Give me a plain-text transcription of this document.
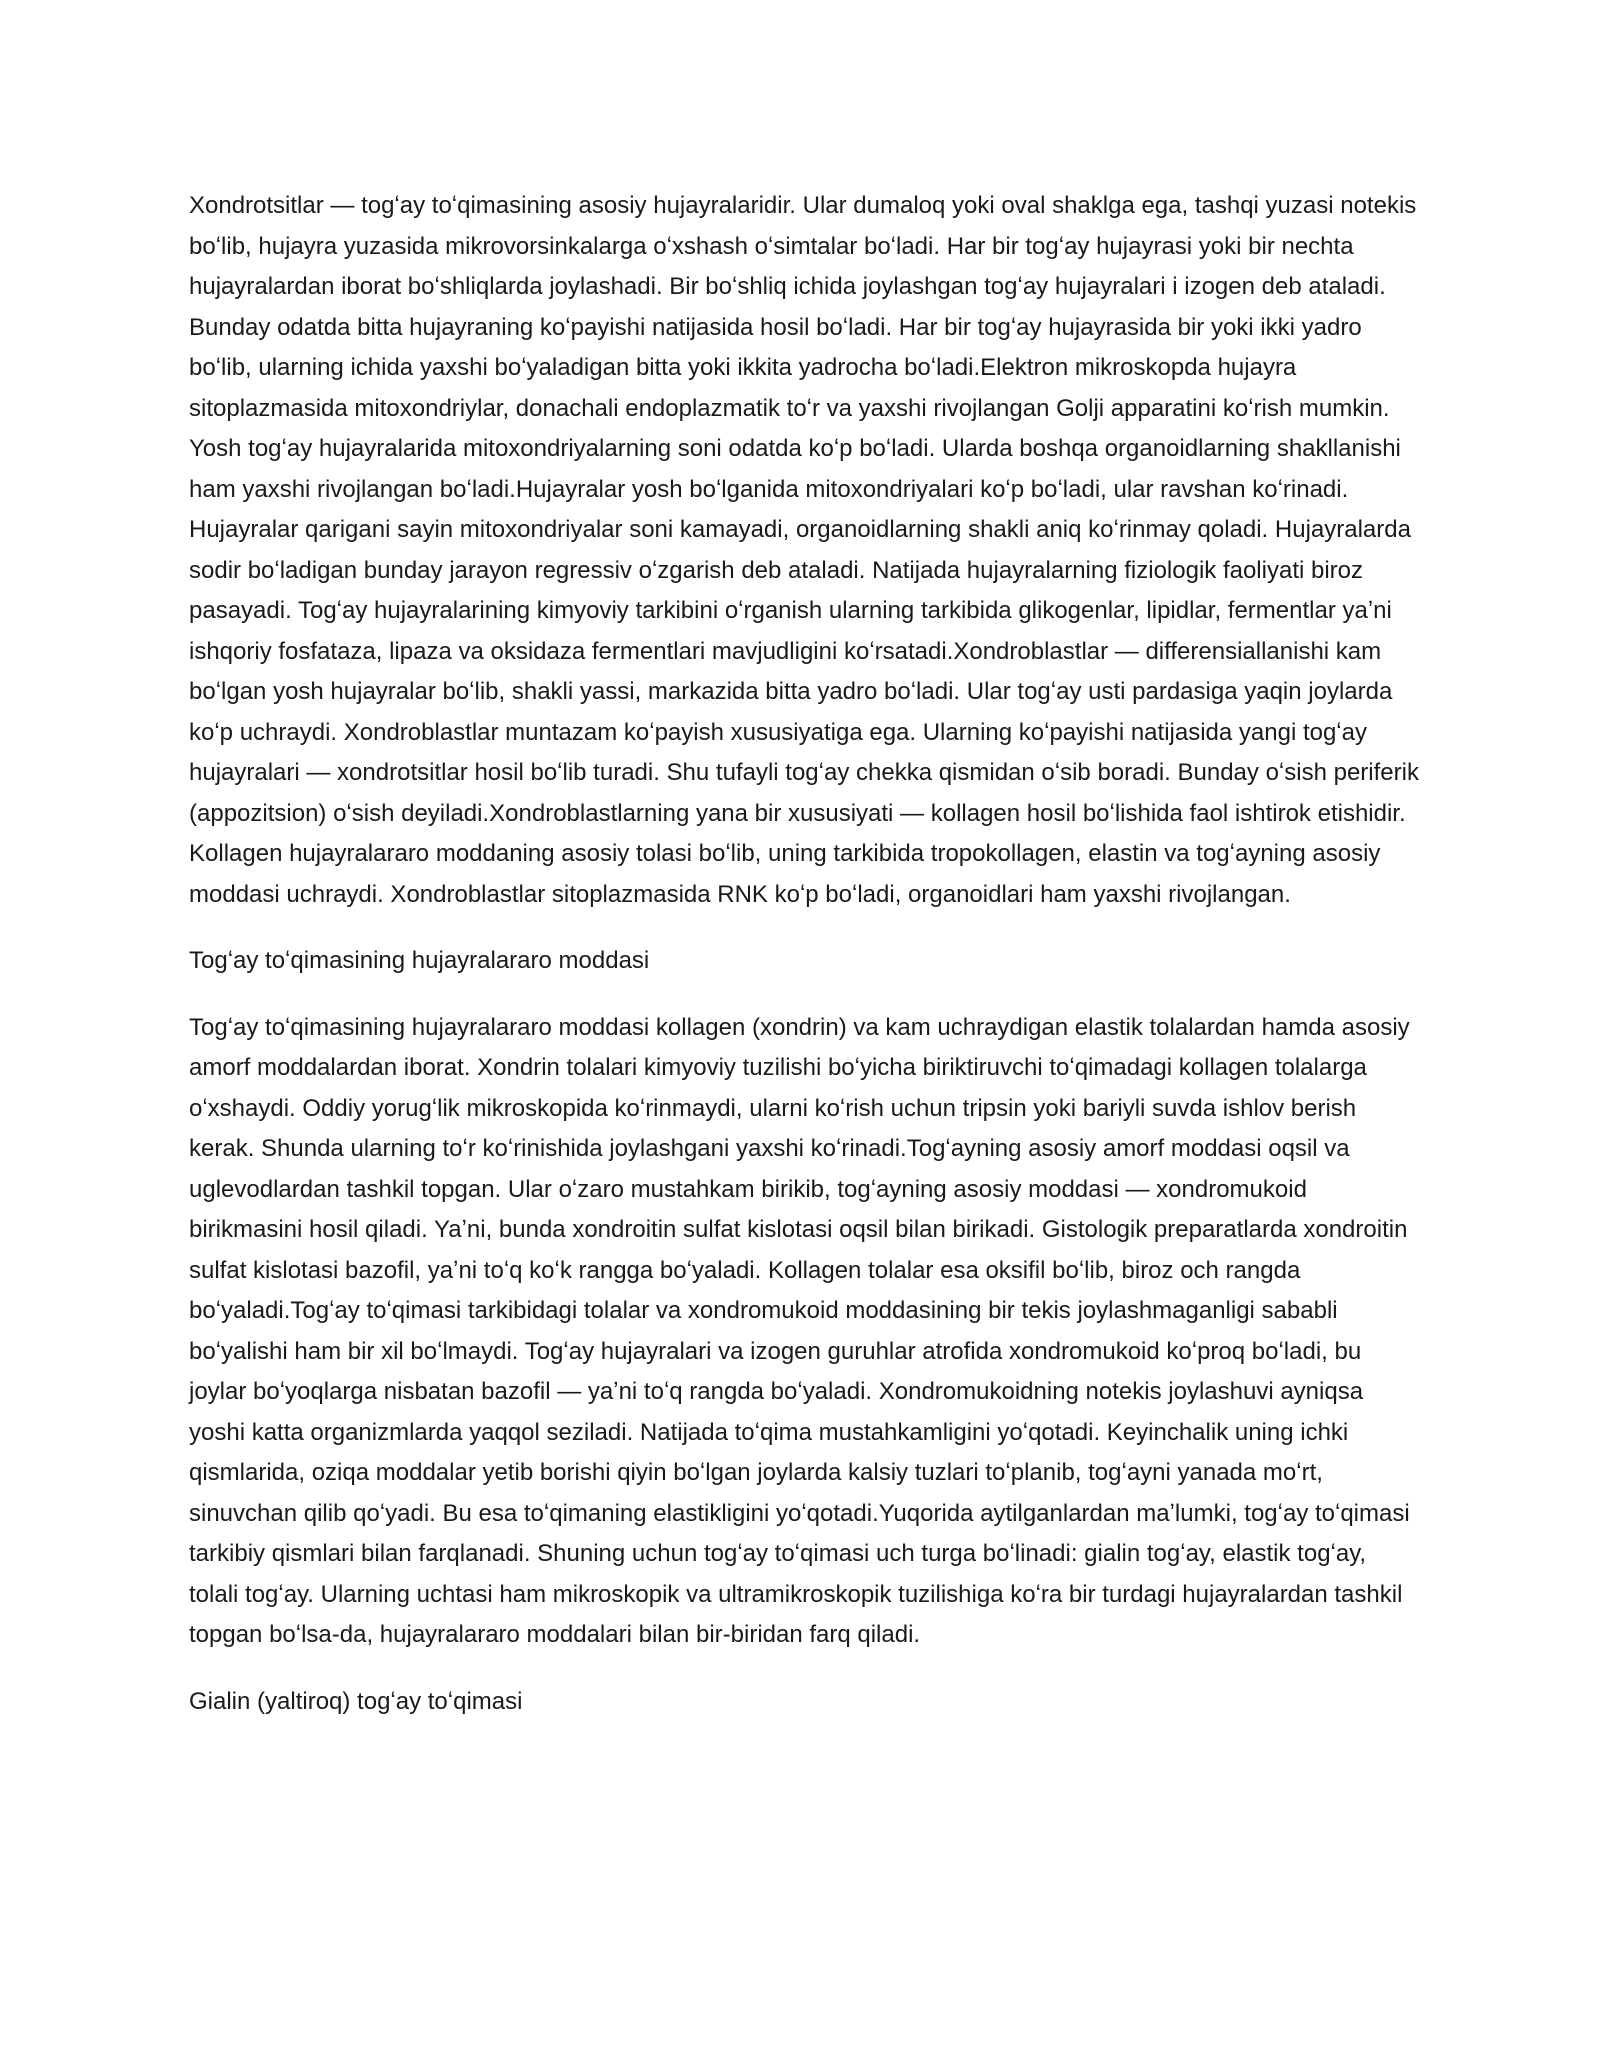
Xondrotsitlar — togʻay toʻqimasining asosiy hujayralaridir. Ular dumaloq yoki oval shaklga ega, tashqi yuzasi notekis boʻlib, hujayra yuzasida mikrovorsinkalarga oʻxshash oʻsimtalar boʻladi. Har bir togʻay hujayrasi yoki bir nechta hujayralardan iborat boʻshliqlarda joylashadi. Bir boʻshliq ichida joylashgan togʻay hujayralari i izogen deb ataladi. Bunday odatda bitta hujayraning koʻpayishi natijasida hosil boʻladi. Har bir togʻay hujayrasida bir yoki ikki yadro boʻlib, ularning ichida yaxshi boʻyaladigan bitta yoki ikkita yadrocha boʻladi.Elektron mikroskopda hujayra sitoplazmasida mitoxondriylar, donachali endoplazmatik toʻr va yaxshi rivojlangan Golji apparatini koʻrish mumkin. Yosh togʻay hujayralarida mitoxondriyalarning soni odatda koʻp boʻladi. Ularda boshqa organoidlarning shakllanishi ham yaxshi rivojlangan boʻladi.Hujayralar yosh boʻlganida mitoxondriyalari koʻp boʻladi, ular ravshan koʻrinadi. Hujayralar qarigani sayin mitoxondriyalar soni kamayadi, organoidlarning shakli aniq koʻrinmay qoladi. Hujayralarda sodir boʻladigan bunday jarayon regressiv oʻzgarish deb ataladi. Natijada hujayralarning fiziologik faoliyati biroz pasayadi. Togʻay hujayralarining kimyoviy tarkibini oʻrganish ularning tarkibida glikogenlar, lipidlar, fermentlar yaʼni ishqoriy fosfataza, lipaza va oksidaza fermentlari mavjudligini koʻrsatadi.Xondroblastlar — differensiallanishi kam boʻlgan yosh hujayralar boʻlib, shakli yassi, markazida bitta yadro boʻladi. Ular togʻay usti pardasiga yaqin joylarda koʻp uchraydi. Xondroblastlar muntazam koʻpayish xususiyatiga ega. Ularning koʻpayishi natijasida yangi togʻay hujayralari — xondrotsitlar hosil boʻlib turadi. Shu tufayli togʻay chekka qismidan oʻsib boradi. Bunday oʻsish periferik (appozitsion) oʻsish deyiladi.Xondroblastlarning yana bir xususiyati — kollagen hosil boʻlishida faol ishtirok etishidir. Kollagen hujayralararo moddaning asosiy tolasi boʻlib, uning tarkibida tropokollagen, elastin va togʻayning asosiy moddasi uchraydi. Xondroblastlar sitoplazmasida RNK koʻp boʻladi, organoidlari ham yaxshi rivojlangan.

Togʻay toʻqimasining hujayralararo moddasi

Togʻay toʻqimasining hujayralararo moddasi kollagen (xondrin) va kam uchraydigan elastik tolalardan hamda asosiy amorf moddalardan iborat. Xondrin tolalari kimyoviy tuzilishi boʻyicha biriktiruvchi toʻqimadagi kollagen tolalarga oʻxshaydi. Oddiy yorugʻlik mikroskopida koʻrinmaydi, ularni koʻrish uchun tripsin yoki bariyli suvda ishlov berish kerak. Shunda ularning toʻr koʻrinishida joylashgani yaxshi koʻrinadi.Togʻayning asosiy amorf moddasi oqsil va uglevodlardan tashkil topgan. Ular oʻzaro mustahkam birikib, togʻayning asosiy moddasi — xondromukoid birikmasini hosil qiladi. Yaʼni, bunda xondroitin sulfat kislotasi oqsil bilan birikadi. Gistologik preparatlarda xondroitin sulfat kislotasi bazofil, yaʼni toʻq koʻk rangga boʻyaladi. Kollagen tolalar esa oksifil boʻlib, biroz och rangda boʻyaladi.Togʻay toʻqimasi tarkibidagi tolalar va xondromukoid moddasining bir tekis joylashmaganligi sababli boʻyalishi ham bir xil boʻlmaydi. Togʻay hujayralari va izogen guruhlar atrofida xondromukoid koʻproq boʻladi, bu joylar boʻyoqlarga nisbatan bazofil — yaʼni toʻq rangda boʻyaladi. Xondromukoidning notekis joylashuvi ayniqsa yoshi katta organizmlarda yaqqol seziladi. Natijada toʻqima mustahkamligini yoʻqotadi. Keyinchalik uning ichki qismlarida, oziqa moddalar yetib borishi qiyin boʻlgan joylarda kalsiy tuzlari toʻplanib, togʻayni yanada moʻrt, sinuvchan qilib qoʻyadi. Bu esa toʻqimaning elastikligini yoʻqotadi.Yuqorida aytilganlardan maʼlumki, togʻay toʻqimasi tarkibiy qismlari bilan farqlanadi. Shuning uchun togʻay toʻqimasi uch turga boʻlinadi: gialin togʻay, elastik togʻay, tolali togʻay. Ularning uchtasi ham mikroskopik va ultramikroskopik tuzilishiga koʻra bir turdagi hujayralardan tashkil topgan boʻlsa-da, hujayralararo moddalari bilan bir-biridan farq qiladi.

Gialin (yaltiroq) togʻay toʻqimasi
